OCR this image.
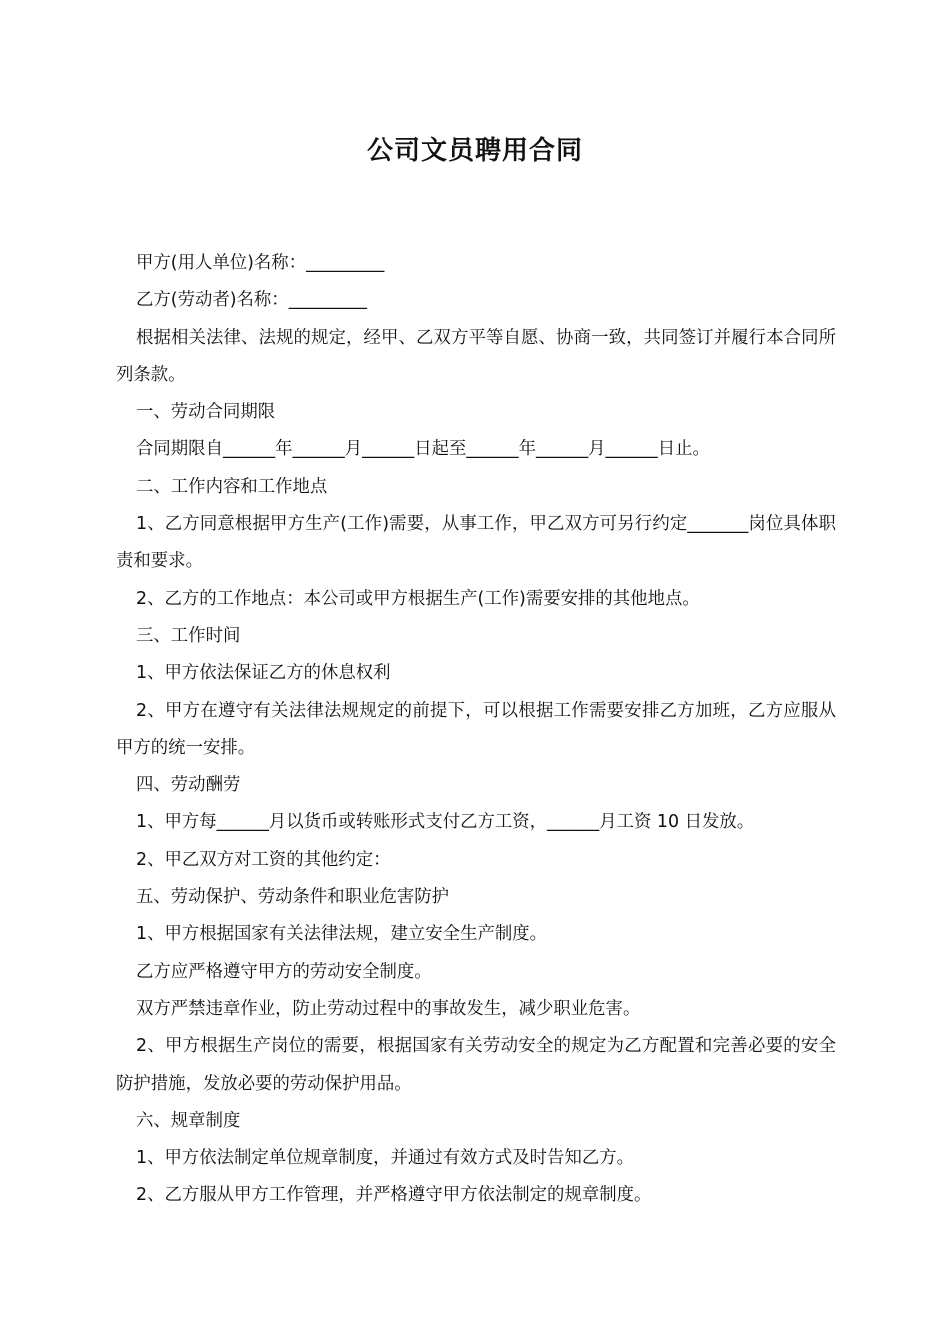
公司文员聘用合同

甲方(用人单位)名称：_________

乙方(劳动者)名称：_________

根据相关法律、法规的规定，经甲、乙双方平等自愿、协商一致，共同签订并履行本合同所列条款。

一、劳动合同期限

合同期限自______年______月______日起至______年______月______日止。

二、工作内容和工作地点

1、乙方同意根据甲方生产(工作)需要，从事工作，甲乙双方可另行约定_______岗位具体职责和要求。

2、乙方的工作地点：本公司或甲方根据生产(工作)需要安排的其他地点。

三、工作时间

1、甲方依法保证乙方的休息权利

2、甲方在遵守有关法律法规规定的前提下，可以根据工作需要安排乙方加班，乙方应服从甲方的统一安排。

四、劳动酬劳

1、甲方每______月以货币或转账形式支付乙方工资，______月工资 10 日发放。

2、甲乙双方对工资的其他约定：

五、劳动保护、劳动条件和职业危害防护

1、甲方根据国家有关法律法规，建立安全生产制度。

乙方应严格遵守甲方的劳动安全制度。

双方严禁违章作业，防止劳动过程中的事故发生，减少职业危害。

2、甲方根据生产岗位的需要，根据国家有关劳动安全的规定为乙方配置和完善必要的安全防护措施，发放必要的劳动保护用品。

六、规章制度

1、甲方依法制定单位规章制度，并通过有效方式及时告知乙方。

2、乙方服从甲方工作管理，并严格遵守甲方依法制定的规章制度。
